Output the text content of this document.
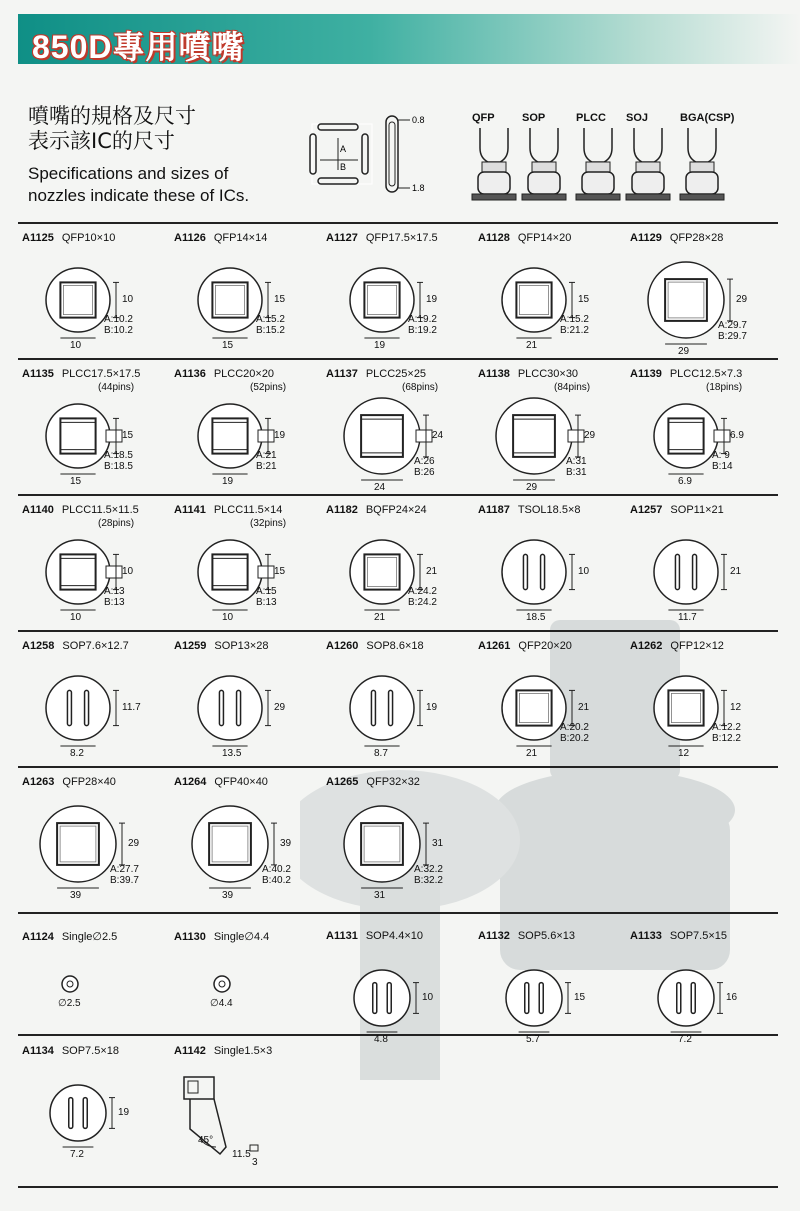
850D專用噴嘴
噴嘴的規格及尺寸
表示該IC的尺寸
Specifications and sizes of
nozzles indicate these of ICs.
A
B
0.8
1.8
QFP SOP	PLCC SOJ	BGA(CSP)
A1125 QFP10×10
10
10
A:10.2
B:10.2
A1126 QFP14×14
15
15
A:15.2
B:15.2
A1127 QFP17.5×17.5
19
19
A:19.2
B:19.2
A1128 QFP14×20
15
21
A:15.2
B:21.2
A1129 QFP28×28
29
29
A:29.7
B:29.7
A1135 PLCC17.5×17.5
15
15
(44pins)
A:18.5
B:18.5
A1136 PLCC20×20
19
19
(52pins)
A:21
B:21
A1137 PLCC25×25
24
24
(68pins)
A:26
B:26
A1138 PLCC30×30
29
29
(84pins)
A:31
B:31
A1139 PLCC12.5×7.3
6.9
6.9
(18pins)
A: 9
B:14
A1140 PLCC11.5×11.5
10
10
(28pins)
A:13
B:13
A1141 PLCC11.5×14
15
10
(32pins)
A:15
B:13
A1182 BQFP24×24
21
21
A:24.2
B:24.2
A1187 TSOL18.5×8
10
18.5
A1257 SOP11×21
21
11.7
A1258 SOP7.6×12.7
11.7
8.2
A1259 SOP13×28
29
13.5
A1260 SOP8.6×18
19
8.7
A1261 QFP20×20
21
21
A:20.2
B:20.2
A1262 QFP12×12
12
12
A:12.2
B:12.2
A1263 QFP28×40
29
39
A:27.7
B:39.7
A1264 QFP40×40
39
39
A:40.2
B:40.2
A1265 QFP32×32
31
31
A:32.2
B:32.2
A1124 Single∅2.5
∅2.5
A1130 Single∅4.4
∅4.4
A1131 SOP4.4×10
10
4.8
A1132 SOP5.6×13
15
5.7
A1133 SOP7.5×15
16
7.2
A1134 SOP7.5×18
19
7.2
A1142 Single1.5×3
11.5
3
45°
